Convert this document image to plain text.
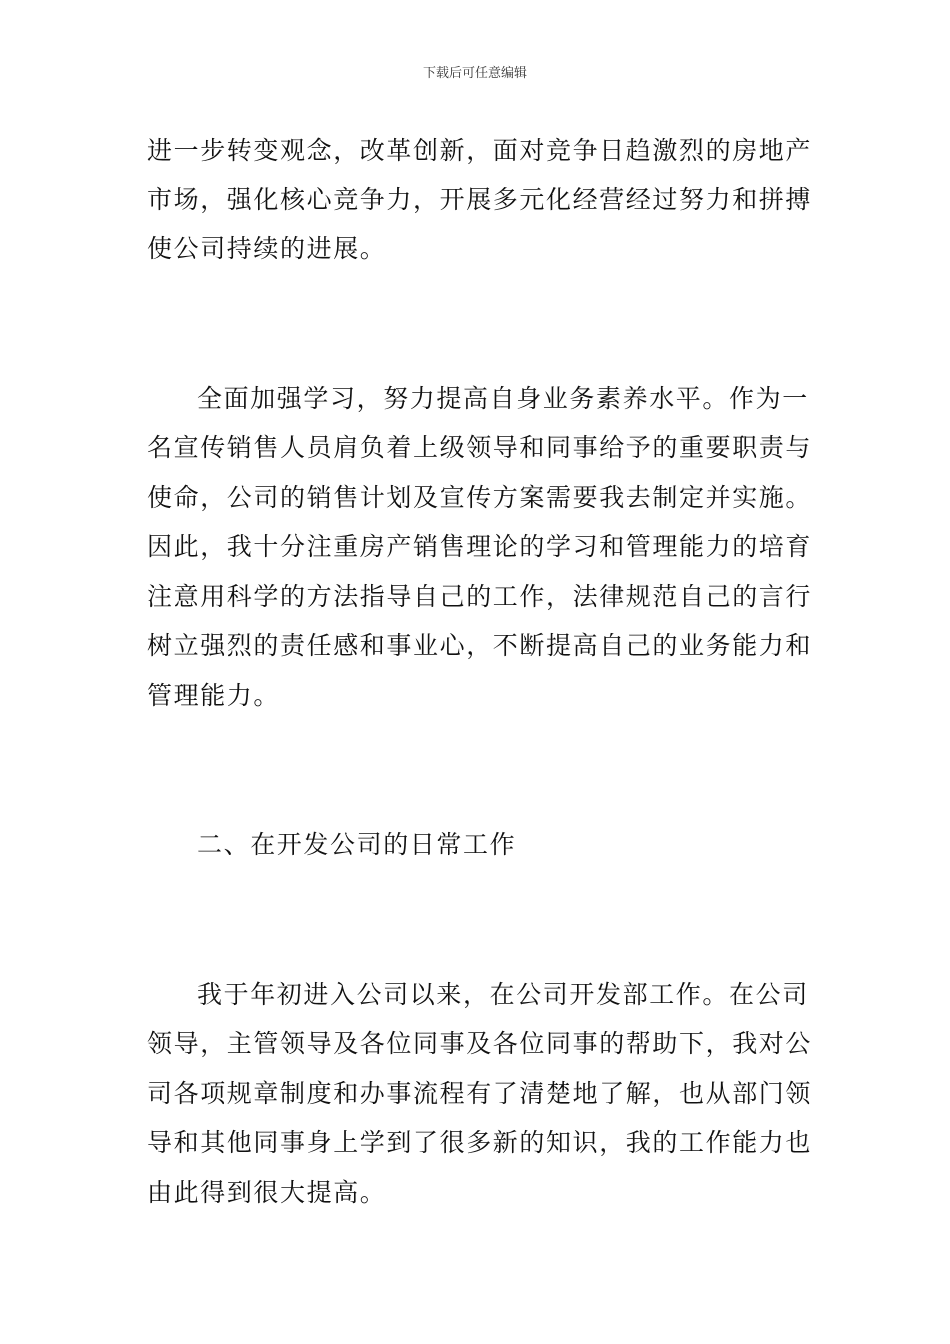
下载后可任意编辑
进一步转变观念，改革创新，面对竞争日趋激烈的房地产
市场，强化核心竞争力，开展多元化经营经过努力和拼搏
使公司持续的进展。
全面加强学习，努力提高自身业务素养水平。作为一
名宣传销售人员肩负着上级领导和同事给予的重要职责与
使命，公司的销售计划及宣传方案需要我去制定并实施。
因此，我十分注重房产销售理论的学习和管理能力的培育
注意用科学的方法指导自己的工作，法律规范自己的言行
树立强烈的责任感和事业心，不断提高自己的业务能力和
管理能力。
二、在开发公司的日常工作
我于年初进入公司以来，在公司开发部工作。在公司
领导，主管领导及各位同事及各位同事的帮助下，我对公
司各项规章制度和办事流程有了清楚地了解，也从部门领
导和其他同事身上学到了很多新的知识，我的工作能力也
由此得到很大提高。
